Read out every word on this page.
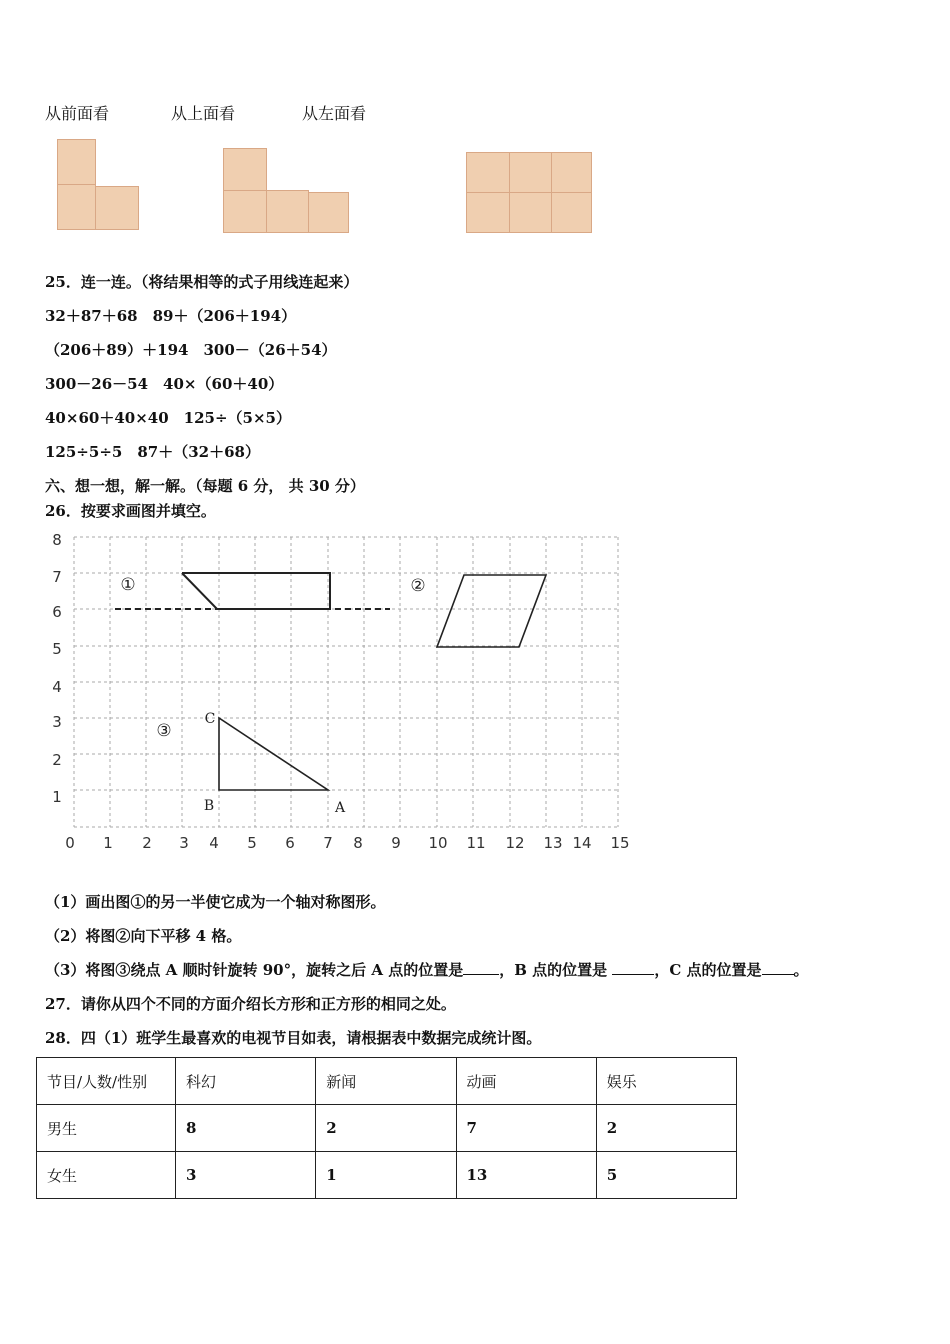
从前面看	从上面看	从左面看
25．连一连。（将结果相等的式子用线连起来）
32＋87＋68　89＋（206＋194）
（206＋89）＋194　300－（26＋54）
300－26－54　40×（60＋40）
40×60＋40×40　125÷（5×5）
125÷5÷5　87＋（32＋68）
六、想一想，解一解。（每题 6 分， 共 30 分）
26．按要求画图并填空。
0 1 2 3 4 5 6 7 8 9 10 11 12 13 14 15
1
2
3
4
5
6
7
8
①	②
③
C
B	A
（1）画出图①的另一半使它成为一个轴对称图形。
（2）将图②向下平移 4 格。
（3）将图③绕点 A 顺时针旋转 90°，旋转之后 A 点的位置是 ，B 点的位置是	，C 点的位置是 。
27．请你从四个不同的方面介绍长方形和正方形的相同之处。
28．四（1）班学生最喜欢的电视节目如表，请根据表中数据完成统计图。
节目/人数/性别	科幻	新闻	动画	娱乐
男生	8	2	7	2
女生	3	1	13	5
